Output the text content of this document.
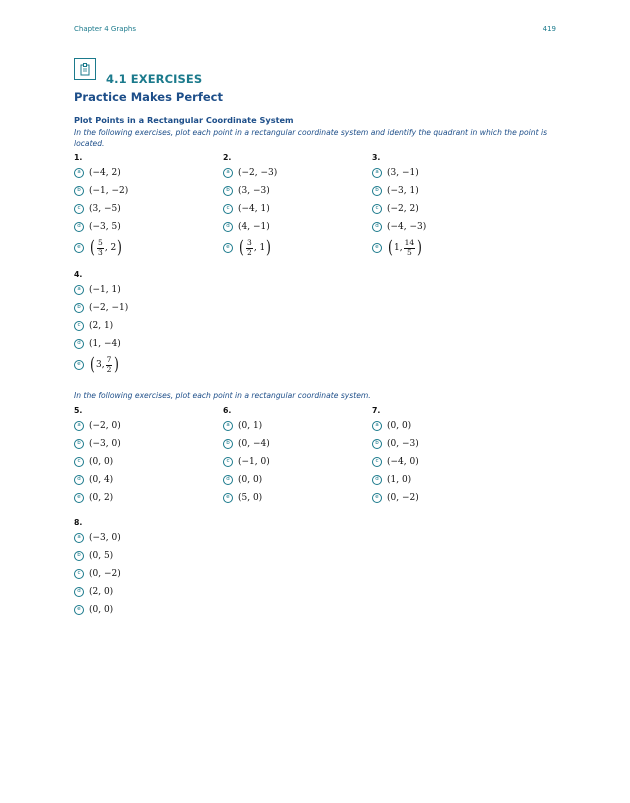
Chapter 4 Graphs	419
4.1 EXERCISES
Practice Makes Perfect
Plot Points in a Rectangular Coordinate System
In the following exercises, plot each point in a rectangular coordinate system and identify the quadrant in which the point is located.
1.
a (−4, 2)
b (−1, −2)
c (3, −5)
d (−3, 5)
e ( $\frac{5}{3}$ , 2 )
2.
a (−2, −3)
b (3, −3)
c (−4, 1)
d (4, −1)
e ( $\frac{3}{2}$ , 1 )
3.
a (3, −1)
b (−3, 1)
c (−2, 2)
d (−4, −3)
e ( 1, $\frac{14}{5}$ )
4.
a (−1, 1)
b (−2, −1)
c (2, 1)
d (1, −4)
e ( 3, $\frac{7}{2}$ )
In the following exercises, plot each point in a rectangular coordinate system.
5.
a (−2, 0)
b (−3, 0)
c (0, 0)
d (0, 4)
e (0, 2)
6.
a (0, 1)
b (0, −4)
c (−1, 0)
d (0, 0)
e (5, 0)
7.
a (0, 0)
b (0, −3)
c (−4, 0)
d (1, 0)
e (0, −2)
8.
a (−3, 0)
b (0, 5)
c (0, −2)
d (2, 0)
e (0, 0)
